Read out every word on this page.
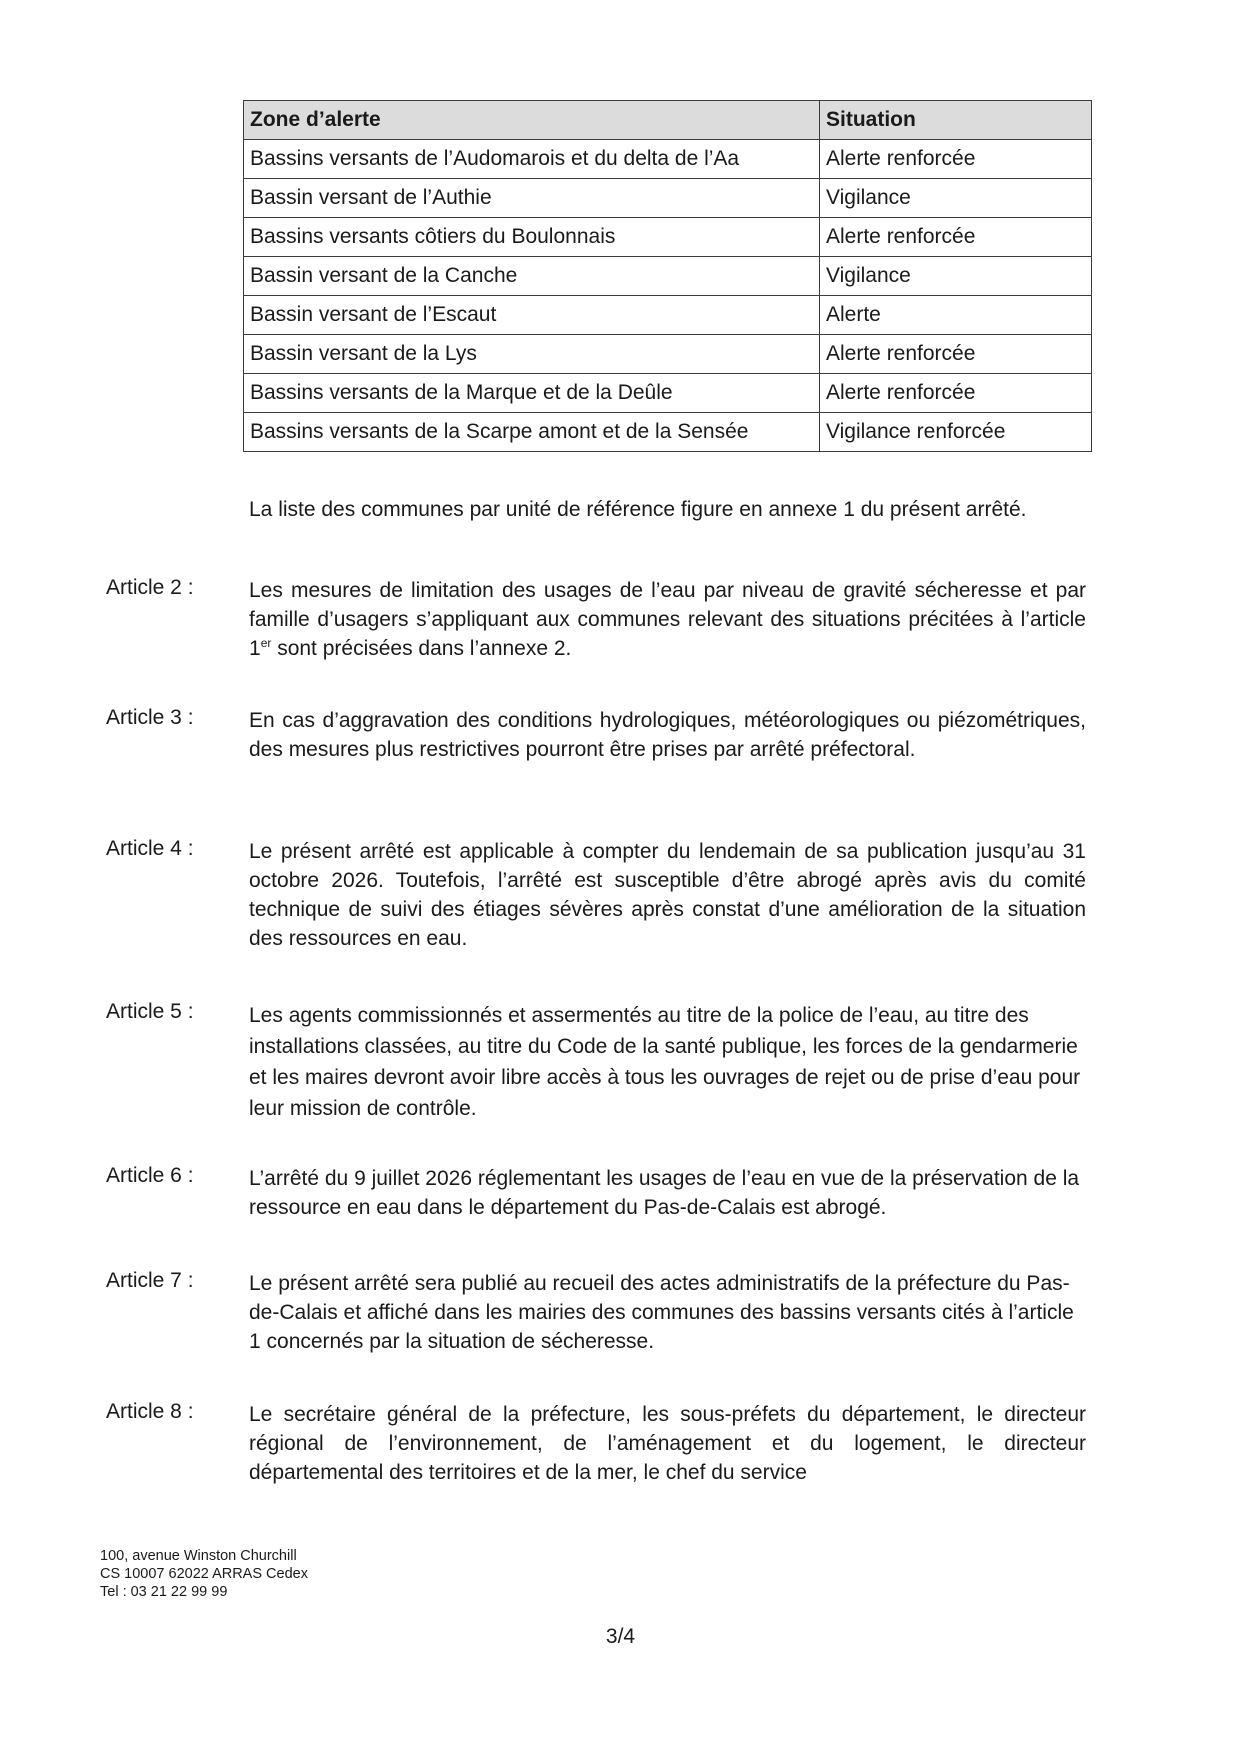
Zone d’alerte	Situation
Bassins versants de l’Audomarois et du delta de l’Aa	Alerte renforcée
Bassin versant de l’Authie	Vigilance
Bassins versants côtiers du Boulonnais	Alerte renforcée
Bassin versant de la Canche	Vigilance
Bassin versant de l’Escaut	Alerte
Bassin versant de la Lys	Alerte renforcée
Bassins versants de la Marque et de la Deûle	Alerte renforcée
Bassins versants de la Scarpe amont et de la Sensée	Vigilance renforcée
La liste des communes par unité de référence figure en annexe 1 du présent arrêté.
Article 2 :	Les mesures de limitation des usages de l’eau par niveau de gravité sécheresse et par famille d’usagers s’appliquant aux communes relevant des situations précitées à l’article 1er sont précisées dans l’annexe 2.
Article 3 :	En cas d’aggravation des conditions hydrologiques, météorologiques ou piézométriques, des mesures plus restrictives pourront être prises par arrêté préfectoral.
Article 4 :	Le présent arrêté est applicable à compter du lendemain de sa publication jusqu’au 31 octobre 2026. Toutefois, l’arrêté est susceptible d’être abrogé après avis du comité technique de suivi des étiages sévères après constat d’une amélioration de la situation des ressources en eau.
Article 5 :	Les agents commissionnés et assermentés au titre de la police de l’eau, au titre des installations classées, au titre du Code de la santé publique, les forces de la gendarmerie et les maires devront avoir libre accès à tous les ouvrages de rejet ou de prise d’eau pour leur mission de contrôle.
Article 6 :	L’arrêté du 9 juillet 2026 réglementant les usages de l’eau en vue de la préservation de la ressource en eau dans le département du Pas-de-Calais est abrogé.
Article 7 :	Le présent arrêté sera publié au recueil des actes administratifs de la préfecture du Pas-de-Calais et affiché dans les mairies des communes des bassins versants cités à l’article 1 concernés par la situation de sécheresse.
Article 8 :	Le secrétaire général de la préfecture, les sous-préfets du département, le directeur régional de l’environnement, de l’aménagement et du logement, le directeur départemental des territoires et de la mer, le chef du service
100, avenue Winston Churchill
CS 10007 62022 ARRAS Cedex
Tel : 03 21 22 99 99
3/4
